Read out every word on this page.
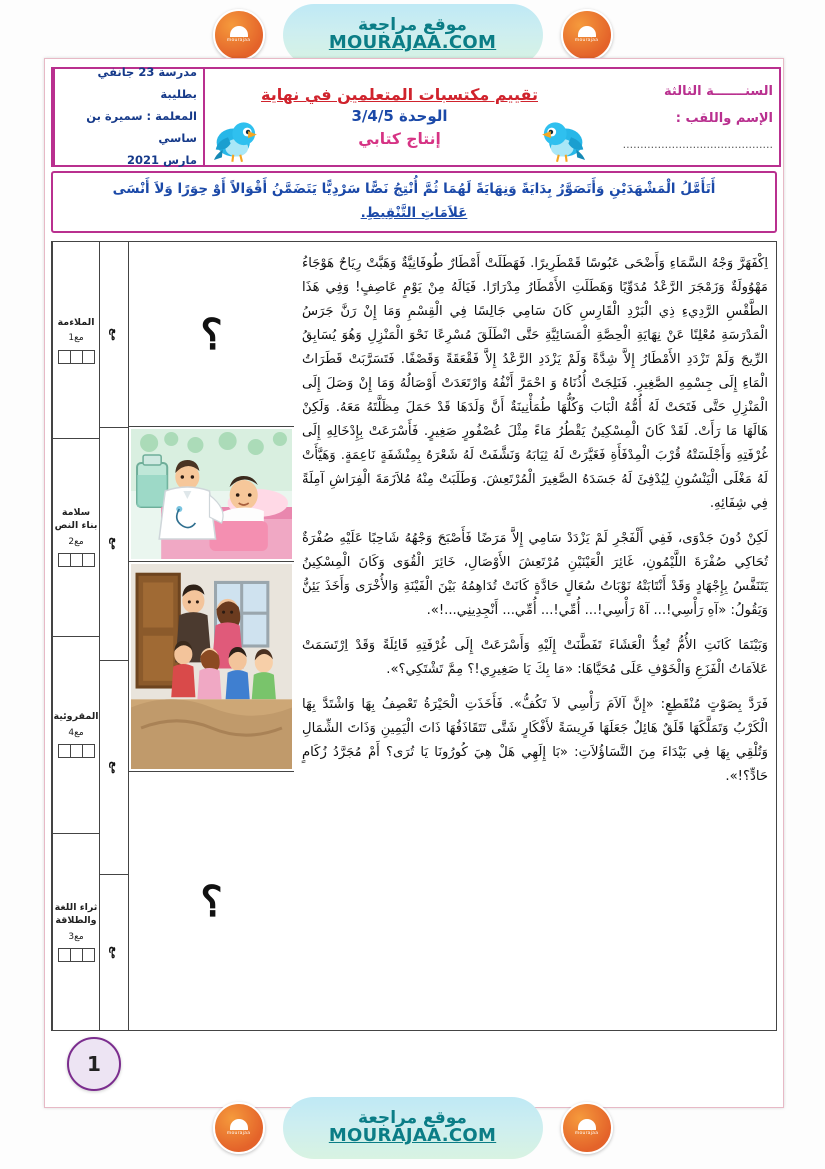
mourajaa
موقع مراجعة
MOURAJAA.COM
mourajaa
مدرسة 23 جانفي بطليبة
المعلمة : سميرة بن ساسي
مارس 2021
تقييم مكتسبات المتعلمين في نهاية
الوحدة 3/4/5
إنتاج كتابي
السنـــــــة الثالثة
الإسم واللقب :
...........................................

أَتَأَمَّلُ الْمَشْهَدَيْنِ وَأَتَصَوَّرُ بِدَايَةً وَنِهَايَةً لَهُمَا ثُمَّ أُنْتِجُ نَصًّا سَرْدِيًّا يَتَضَمَّنُ أَقْوَالاً أَوْ حِوَرًا وَلاَ أَنْسَى
عَلاَمَاتِ التَّنْقِيطِ.

الملاءمة
مع1
سلامة بناء النص
مع2
المقروئية
مع4
ثراء اللغة والطلاقة
مع3
مع
مع
مع
مع
؟
؟

اِكْفَهَرَّ وَجْهُ السَّمَاءِ وَأَضْحَى عَبُوسًا قَمْطَرِيرًا. فَهَطَلَتْ أَمْطَارٌ طُوفَانِيَّةٌ وَهَبَّتْ رِيَاحٌ هَوْجَاءُ مَهْوُولَةٌ وَزَمْجَرَ الرَّعْدُ مُدَوِّيًا وَهَطَلَتِ الأَمْطَارُ مِدْرَارًا. فَيَالَهُ مِنْ يَوْمٍ عَاصِفٍ! وَفِي هَذَا الطَّقْسِ الرَّدِيءِ ذِي الْبَرْدِ الْقَارِسِ كَانَ سَامِي جَالِسًا فِي الْقِسْمِ وَمَا إِنْ رَنَّ جَرَسُ الْمَدْرَسَةِ مُعْلِنًا عَنْ نِهَايَةِ الْحِصَّةِ الْمَسَائِيَّةِ حَتَّى انْطَلَقَ مُسْرِعًا نَحْوَ الْمَنْزِلِ وَهُوَ يُسَابِقُ الرِّيحَ وَلَمْ تَزْدَدِ الأَمْطَارُ إِلاَّ شِدَّةً وَلَمْ يَزْدَدِ الرَّعْدُ إِلاَّ فَقْعَقَةً وَقَصْفًا. فَتَسَرَّبَتْ قَطَرَاتُ الْمَاءِ إِلَى جِسْمِهِ الصَّغِيرِ. فَنَلِجَتْ أُذُنَاهُ وَ احْمَرَّ أَنْفُهُ وَارْتَعَدَتْ أَوْصَالُهُ وَمَا إِنْ وَصَلَ إِلَى الْمَنْزِلِ حَتَّى فَتَحَتْ لَهُ أُمُّهُ الْبَابَ وَكُلُّهَا طُمَأْنِينَةٌ أَنَّ وَلَدَهَا قَدْ حَمَلَ مِظَلَّتَهُ مَعَهُ. وَلَكِنْ هَالَهَا مَا رَأَتْ. لَقَدْ كَانَ الْمِسْكِينُ يَقْطُرُ مَاءً مِثْلَ عُصْفُورٍ صَغِيرٍ. فَأَسْرَعَتْ بِإِدْخَالِهِ إِلَى غُرْفَتِهِ وَأَجْلَسَتْهُ قُرْبَ الْمِدْفَأَةِ فَغَيَّرَتْ لَهُ ثِيَابَهُ وَنَشَّفَتْ لَهُ شَعْرَهُ بِمِنْشَفَةٍ نَاعِمَةٍ. وَهَيَّأَتْ لَهُ مَغْلَى الْيَنْسُونِ لِيُدْفِئَ لَهُ جَسَدَهُ الصَّغِيرَ الْمُرْتَعِشَ. وَطَلَبَتْ مِنْهُ مُلاَزَمَةَ الْفِرَاشِ آمِلَةً فِي شِفَائِهِ.

لَكِنْ دُونَ جَدْوَى، فَفِي أَلْفَجْرِ لَمْ يَزْدَدْ سَامِي إِلاَّ مَرَضًا فَأَصْبَحَ وَجْهُهُ شَاحِبًا عَلَيْهِ صُفْرَةٌ تُحَاكِي صُفْرَةَ اللَّيْمُونِ، غَائِرَ الْعَيْنَيْنِ مُرْتَعِشَ الأَوْصَالِ، خَائِرَ الْقُوَى وَكَانَ الْمِسْكِينُ يَتَنَفَّسُ بِإِجْهَادٍ وَقَدْ أَنْتَابَتْهُ نَوْبَاتُ سُعَالٍ حَادَّةٍ كَانَتْ تُدَاهِمُهُ بَيْنَ الْفَيْنَةِ وَالأُخْرَى وَأَخَذَ يَئِنُّ وَيَقُولُ: «آهِ رَأْسِي!... آهْ رَأْسِي!... أُمِّي!... أُمِّي... أَنْجِدِينِي...!».

وَبَيْنَمَا كَانَتِ الأُمُّ تُعِدُّ الْعَشَاءَ تَفَطَّنَتْ إِلَيْهِ وَأَسْرَعَتْ إِلَى غُرْفَتِهِ قَائِلَةً وَقَدْ اِرْتَسَمَتْ عَلاَمَاتُ الْفَزَعِ وَالْخَوْفِ عَلَى مُحَيَّاهَا: «مَا بِكَ يَا صَغِيرِي!؟ مِمَّ تَشْتَكِي؟».

فَرَدَّ بِصَوْتٍ مُنْقَطِعٍ: «إِنَّ آلاَمَ رَأْسِي لاَ تَكُفُّ». فَأَخَذَتِ الْحَيْرَةُ تَعْصِفُ بِهَا وَاشْتَدَّ بِهَا الْكَرْبُ وَتَمَلَّكَهَا قَلَقٌ هَائِلٌ جَعَلَهَا فَرِيسَةً لأَفْكَارٍ شَتَّى تَتَقَاذَفُهَا ذَاتَ الْيَمِينِ وَذَاتَ الشِّمَالِ وَتُلْقِي بِهَا فِي بَيْدَاءَ مِنَ التَّسَاؤُلاَتِ: «بَا إِلَهِي هَلْ هِيَ كُورُونَا يَا تُرَى؟ أَمْ مُجَرَّدُ زُكَامٍ حَادٍّ؟!».

1
mourajaa
موقع مراجعة
MOURAJAA.COM
mourajaa
